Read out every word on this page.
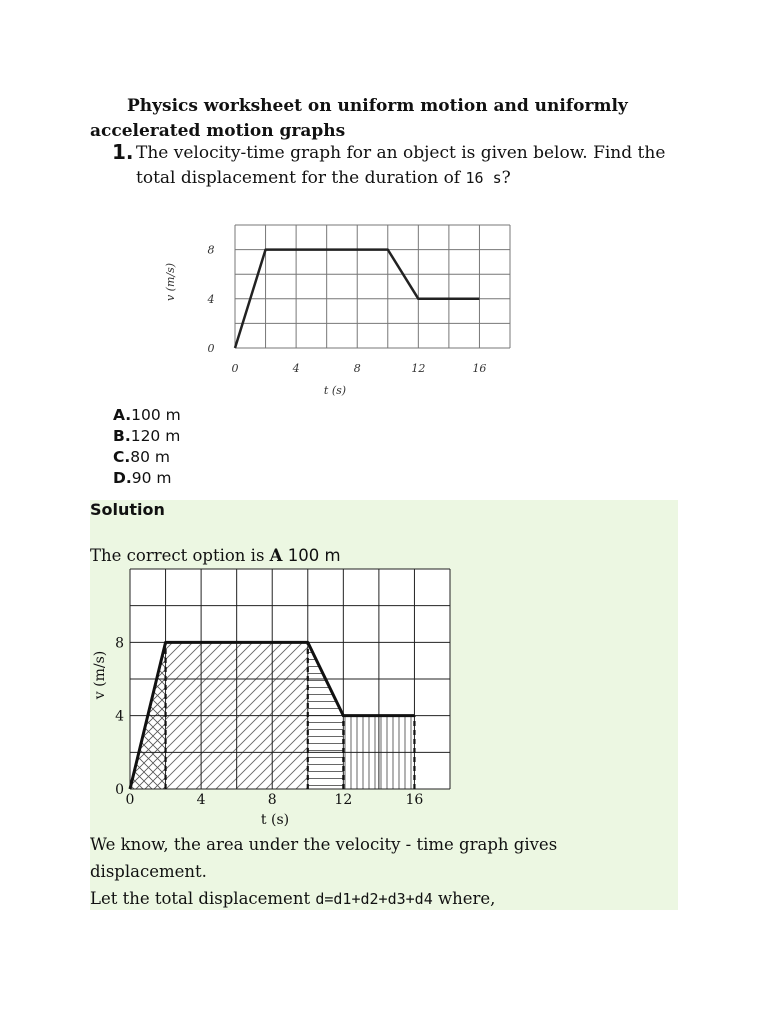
Physics worksheet on uniform motion and uniformly accelerated motion graphs

1. The velocity-time graph for an object is given below. Find the total displacement for the duration of 16 s?

0	4	8	12	16
0
4
8
t (s)
v (m/s)
A.100 m
B.120 m
C.80 m
D.90 m

Solution

The correct option is A 100 m

We know, the area under the velocity - time graph gives

displacement.

Let the total displacement d=d1+d2+d3+d4 where,

0	4	8	12	16
0
4
8
t (s)
v (m/s)
